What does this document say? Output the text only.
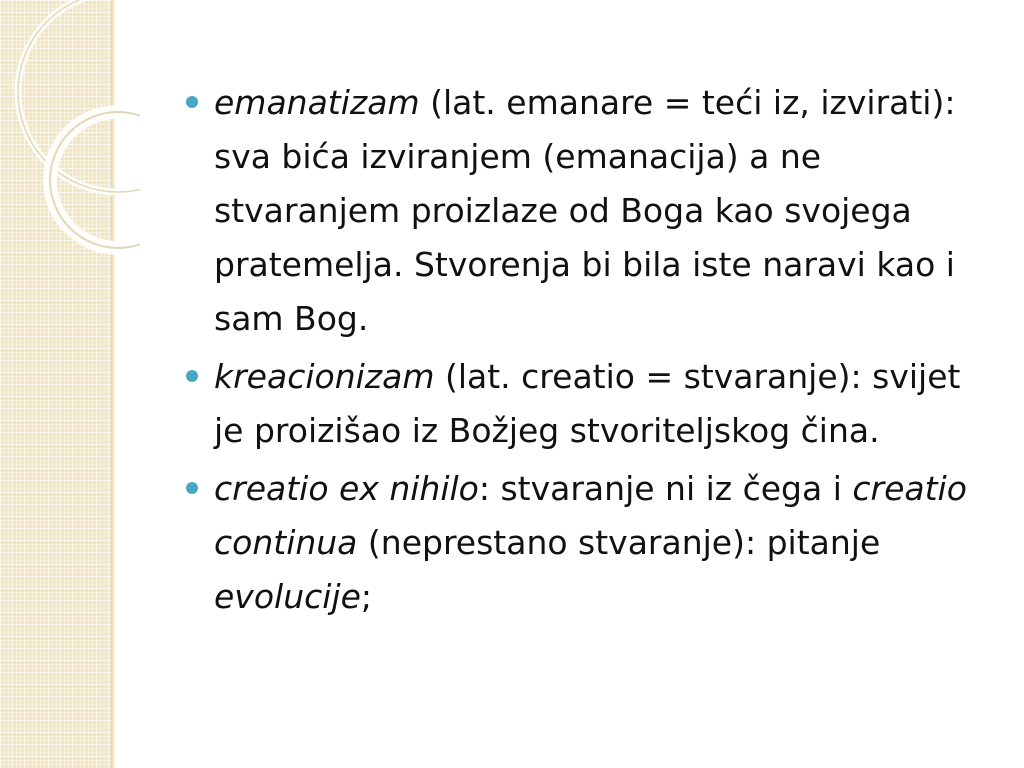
emanatizam (lat. emanare = teći iz, izvirati): sva bića izviranjem (emanacija) a ne stvaranjem proizlaze od Boga kao svojega pratemelja. Stvorenja bi bila iste naravi kao i sam Bog.
kreacionizam (lat. creatio = stvaranje): svijet je proizišao iz Božjeg stvoriteljskog čina.
creatio ex nihilo: stvaranje ni iz čega i creatio continua (neprestano stvaranje): pitanje evolucije;
